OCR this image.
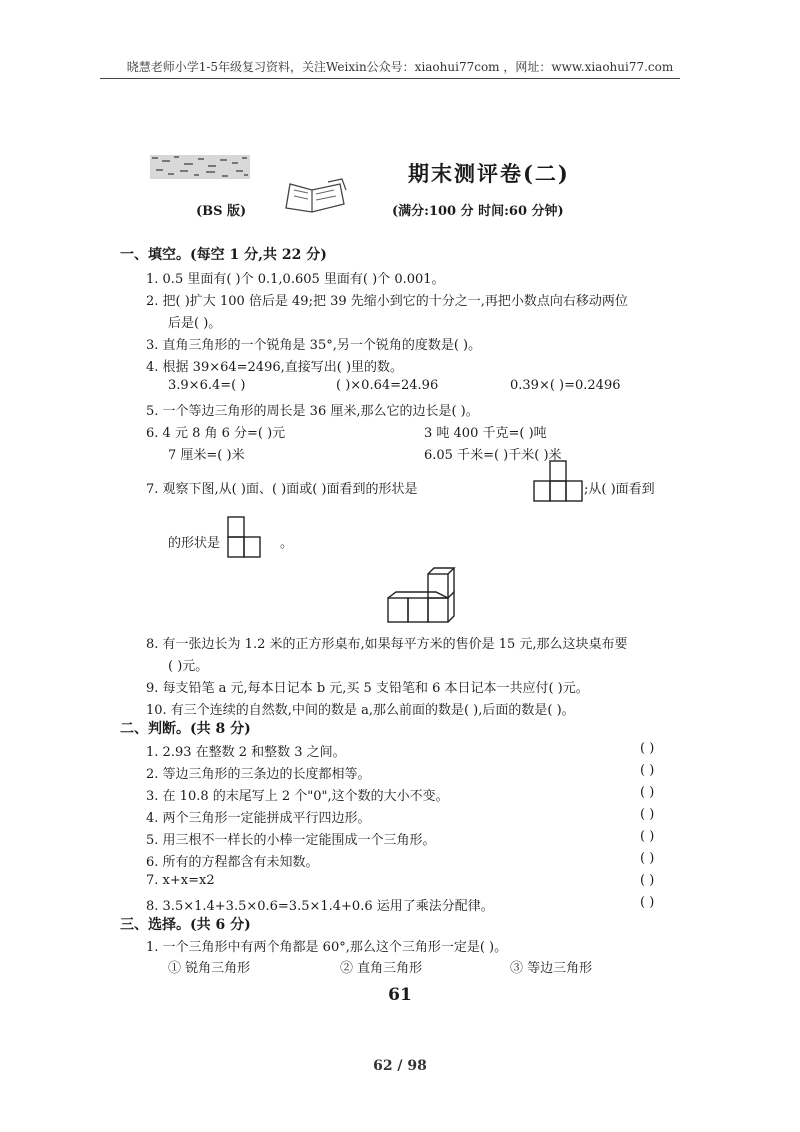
晓慧老师小学1-5年级复习资料，关注Weixin公众号：xiaohui77com ，网址：www.xiaohui77.com
期末测评卷(二)
(BS 版)	(满分:100 分 时间:60 分钟)
一、填空。(每空 1 分,共 22 分)
1. 0.5 里面有( )个 0.1,0.605 里面有( )个 0.001。
2. 把( )扩大 100 倍后是 49;把 39 先缩小到它的十分之一,再把小数点向右移动两位
后是( )。
3. 直角三角形的一个锐角是 35°,另一个锐角的度数是( )。
4. 根据 39×64=2496,直接写出( )里的数。
3.9×6.4=( )	( )×0.64=24.96	0.39×( )=0.2496
5. 一个等边三角形的周长是 36 厘米,那么它的边长是( )。
6. 4 元 8 角 6 分=( )元	3 吨 400 千克=( )吨
7 厘米=( )米	6.05 千米=( )千米( )米
7. 观察下图,从( )面、( )面或( )面看到的形状是	;从( )面看到
的形状是	。
8. 有一张边长为 1.2 米的正方形桌布,如果每平方米的售价是 15 元,那么这块桌布要
( )元。
9. 每支铅笔 a 元,每本日记本 b 元,买 5 支铅笔和 6 本日记本一共应付( )元。
10. 有三个连续的自然数,中间的数是 a,那么前面的数是( ),后面的数是( )。
二、判断。(共 8 分)
1. 2.93 在整数 2 和整数 3 之间。	( )
2. 等边三角形的三条边的长度都相等。	( )
3. 在 10.8 的末尾写上 2 个"0",这个数的大小不变。	( )
4. 两个三角形一定能拼成平行四边形。	( )
5. 用三根不一样长的小棒一定能围成一个三角形。	( )
6. 所有的方程都含有未知数。	( )
7. x+x=x2	( )
8. 3.5×1.4+3.5×0.6=3.5×1.4+0.6 运用了乘法分配律。	( )
三、选择。(共 6 分)
1. 一个三角形中有两个角都是 60°,那么这个三角形一定是( )。
① 锐角三角形	② 直角三角形	③ 等边三角形
61
62 / 98
